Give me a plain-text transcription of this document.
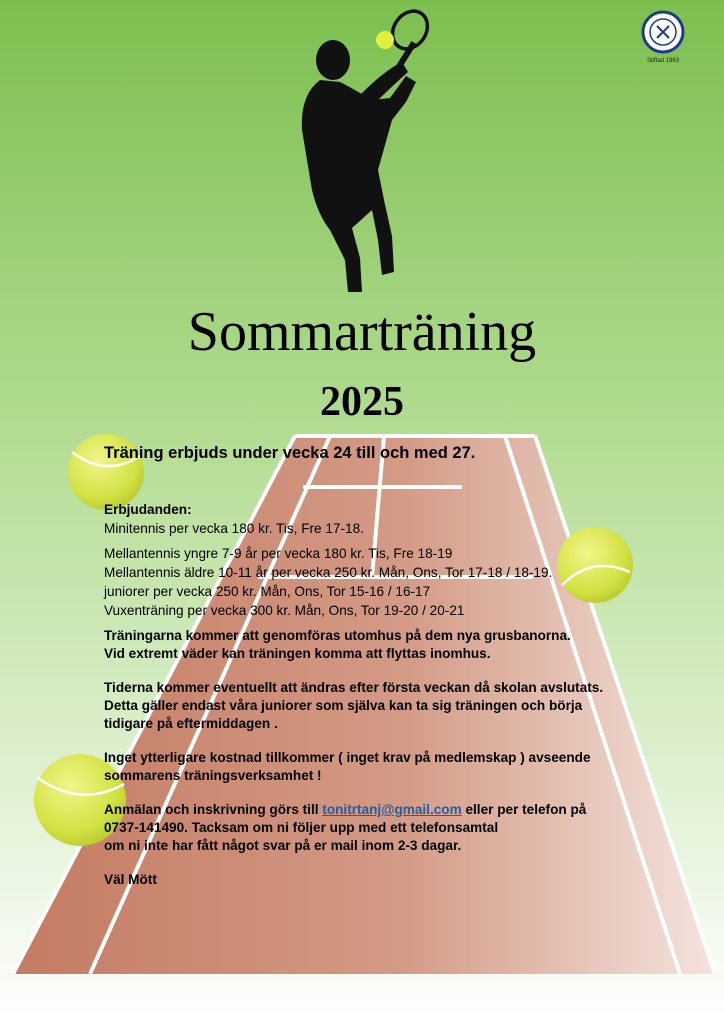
Stiftad 1963
Sommarträning
2025
Träning erbjuds under vecka 24 till och med 27.
Erbjudanden:
Minitennis per vecka 180 kr. Tis, Fre 17-18.
Mellantennis yngre 7-9 år per vecka 180 kr. Tis, Fre 18-19
Mellantennis äldre 10-11 år per vecka 250 kr. Mån, Ons, Tor 17-18 / 18-19.
juniorer per vecka 250 kr. Mån, Ons, Tor 15-16 / 16-17
Vuxenträning per vecka 300 kr. Mån, Ons, Tor 19-20 / 20-21

Träningarna kommer att genomföras utomhus på dem nya grusbanorna.
Vid extremt väder kan träningen komma att flyttas inomhus.

Tiderna kommer eventuellt att ändras efter första veckan då skolan avslutats.
Detta gäller endast våra juniorer som själva kan ta sig träningen och börja
tidigare på eftermiddagen .

Inget ytterligare kostnad tillkommer ( inget krav på medlemskap ) avseende
sommarens träningsverksamhet !

Anmälan och inskrivning görs till tonitrtanj@gmail.com eller per telefon på
0737-141490. Tacksam om ni följer upp med ett telefonsamtal
om ni inte har fått något svar på er mail inom 2-3 dagar.

Väl Mött
